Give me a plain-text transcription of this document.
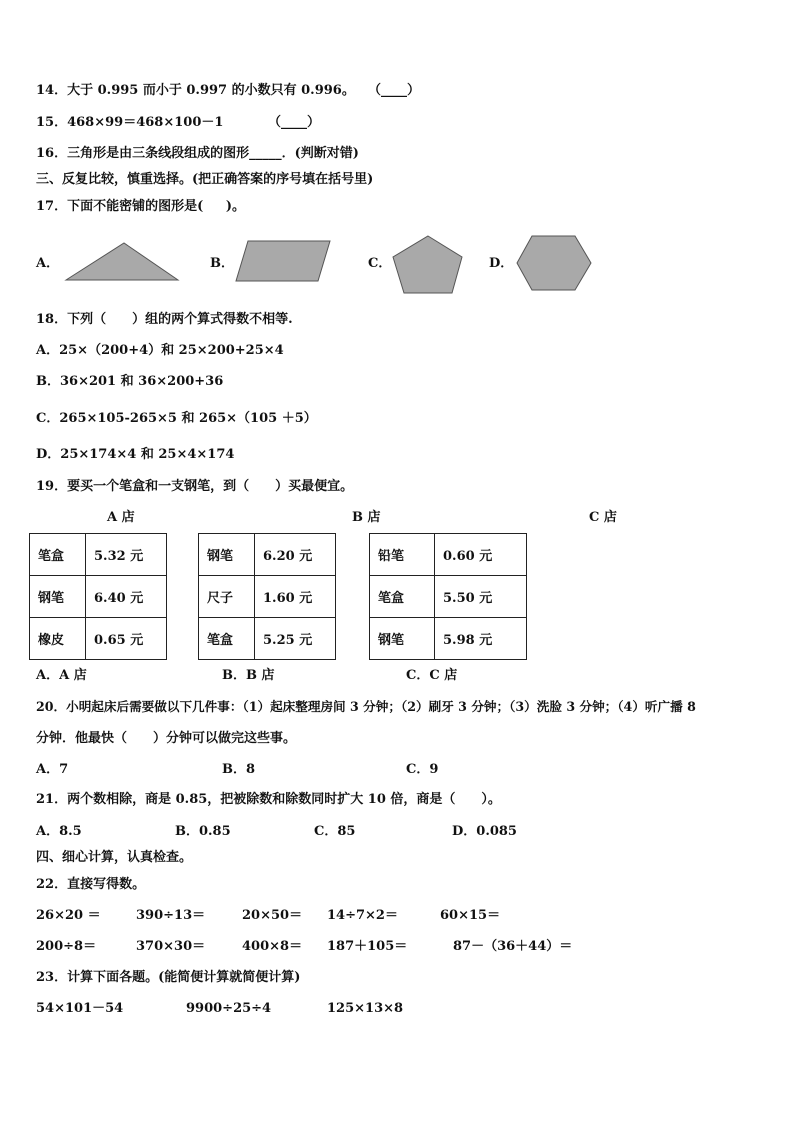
14．大于 0.995 而小于 0.997 的小数只有 0.996。 （____）
15．468×99＝468×100－1	（____）
16．三角形是由三条线段组成的图形_____．(判断对错)
三、反复比较，慎重选择。(把正确答案的序号填在括号里)
17．下面不能密铺的图形是(     )。
A．	B．	C．	D．
18．下列（　　）组的两个算式得数不相等.
A．25×（200+4）和 25×200+25×4
B．36×201 和 36×200+36
C．265×105-265×5 和 265×（105 ＋5）
D．25×174×4 和 25×4×174
19．要买一个笔盒和一支钢笔，到（　　）买最便宜。
A 店	B 店	C 店
笔盒	5.32 元
钢笔	6.40 元
橡皮	0.65 元
钢笔	6.20 元
尺子	1.60 元
笔盒	5.25 元
铅笔	0.60 元
笔盒	5.50 元
钢笔	5.98 元
A．A 店	B．B 店	C．C 店
20．小明起床后需要做以下几件事：（1）起床整理房间 3 分钟；（2）刷牙 3 分钟；（3）洗脸 3 分钟；（4）听广播 8
分钟．他最快（　　）分钟可以做完这些事。
A．7	B．8	C．9
21．两个数相除，商是 0.85，把被除数和除数同时扩大 10 倍，商是（　　）。
A．8.5	B．0.85	C．85	D．0.085
四、细心计算，认真检查。
22．直接写得数。
26×20 ＝	390÷13＝	20×50＝ 14÷7×2＝	60×15＝
200÷8＝	370×30＝	400×8＝ 187＋105＝	87－（36＋44）＝
23．计算下面各题。(能简便计算就简便计算)
54×101－54	9900÷25÷4	125×13×8
